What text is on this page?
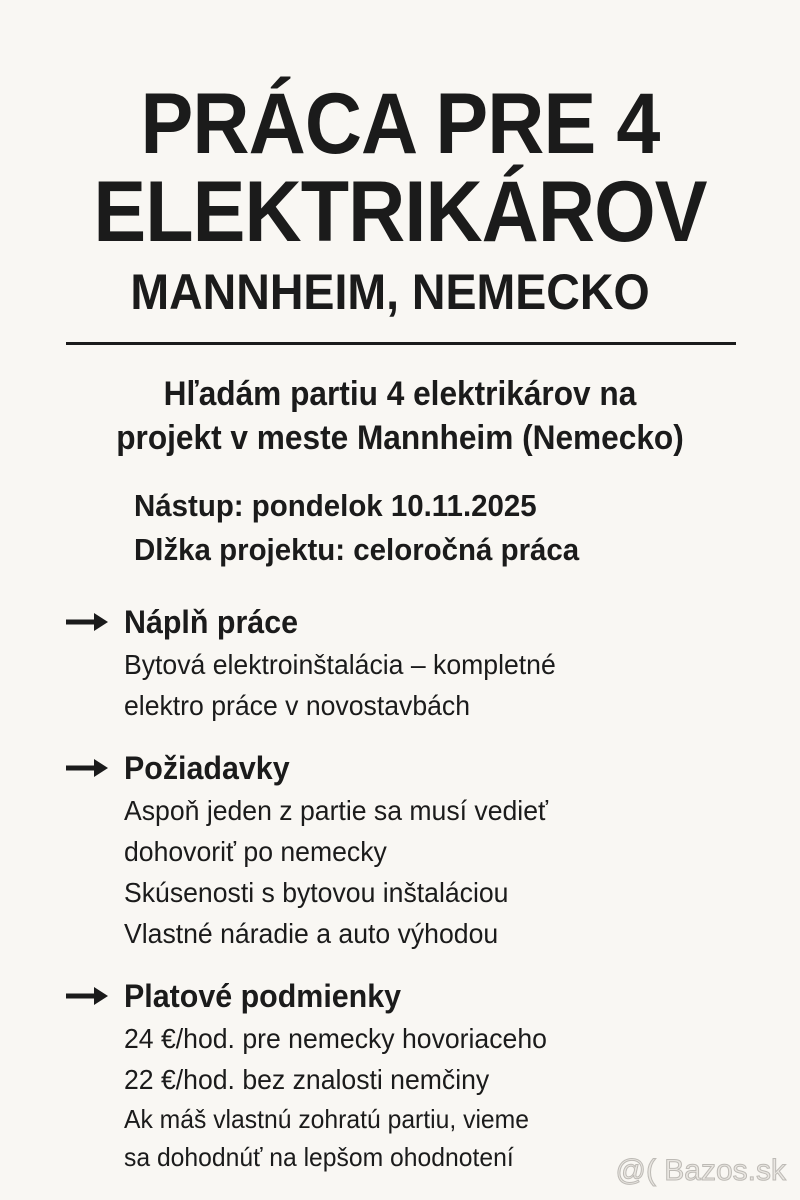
PRÁCA PRE 4
ELEKTRIKÁROV
MANNHEIM, NEMECKO
Hľadám partiu 4 elektrikárov na
projekt v meste Mannheim (Nemecko)
Nástup: pondelok 10.11.2025
Dlžka projektu: celoročná práca
Náplň práce
Bytová elektroinštalácia – kompletné
elektro práce v novostavbách
Požiadavky
Aspoň jeden z partie sa musí vedieť
dohovoriť po nemecky
Skúsenosti s bytovou inštaláciou
Vlastné náradie a auto výhodou
Platové podmienky
24 €/hod. pre nemecky hovoriaceho
22 €/hod. bez znalosti nemčiny
Ak máš vlastnú zohratú partiu, vieme
sa dohodnúť na lepšom ohodnotení	@( Bazos.sk
